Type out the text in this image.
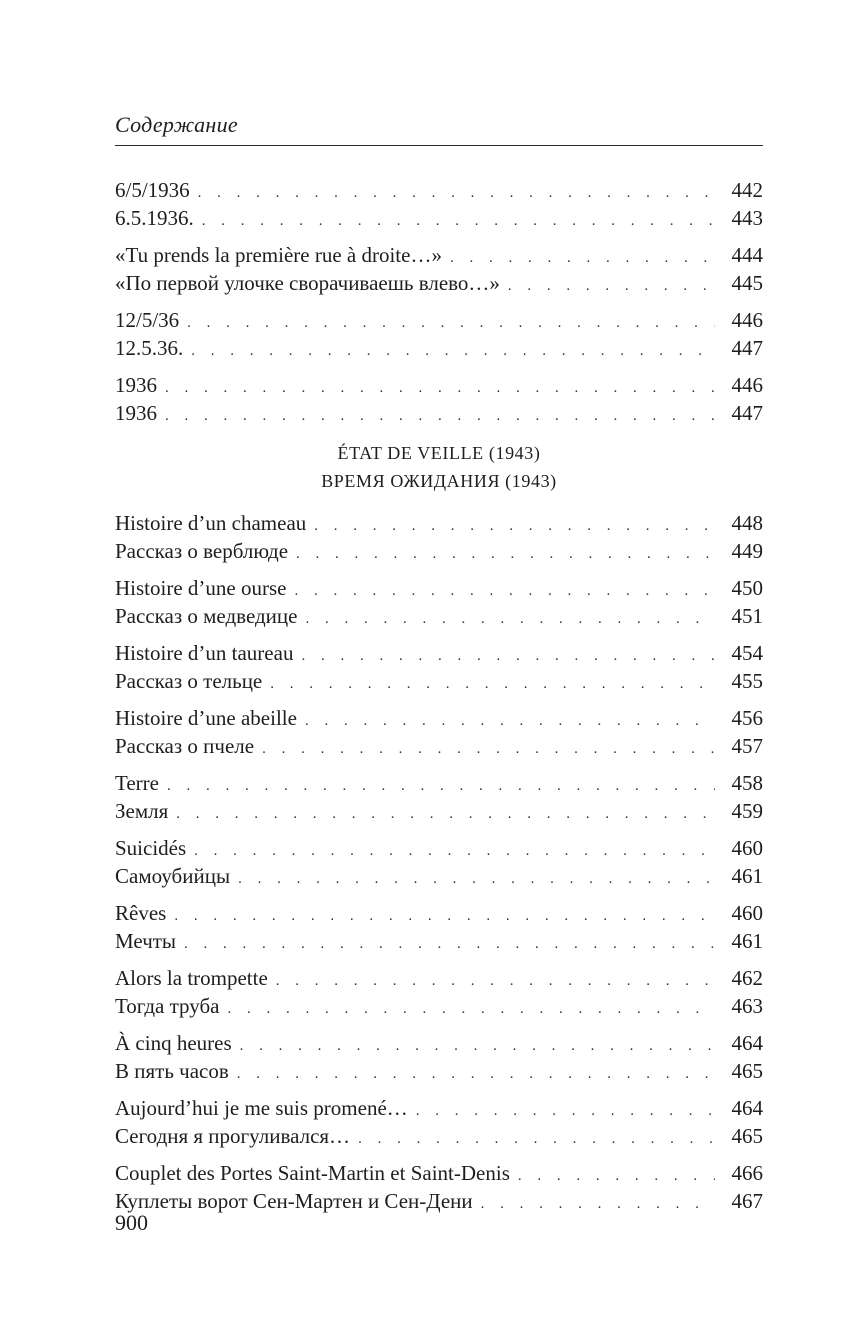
Содержание
6/5/1936 . . .	442
6.5.1936. . . .	443
«Tu prends la première rue à droite…» . . .	444
«По первой улочке сворачиваешь влево…» . . .	445
12/5/36 . . .	446
12.5.36. . . .	447
1936 . . .	446
1936 . . .	447
ÉTAT DE VEILLE (1943)
ВРЕМЯ ОЖИДАНИЯ (1943)
Histoire d’un chameau . . .	448
Рассказ о верблюде . . .	449
Histoire d’une ourse . . .	450
Рассказ о медведице . . .	451
Histoire d’un taureau . . .	454
Рассказ о тельце . . .	455
Histoire d’une abeille . . .	456
Рассказ о пчеле . . .	457
Terre . . .	458
Земля . . .	459
Suicidés . . .	460
Самоубийцы . . .	461
Rêves . . .	460
Мечты . . .	461
Alors la trompette . . .	462
Тогда труба . . .	463
À cinq heures . . .	464
В пять часов . . .	465
Aujourd’hui je me suis promené… . . .	464
Сегодня я прогуливался… . . .	465
Couplet des Portes Saint-Martin et Saint-Denis . . .	466
Куплеты ворот Сен-Мартен и Сен-Дени . . .	467
900
